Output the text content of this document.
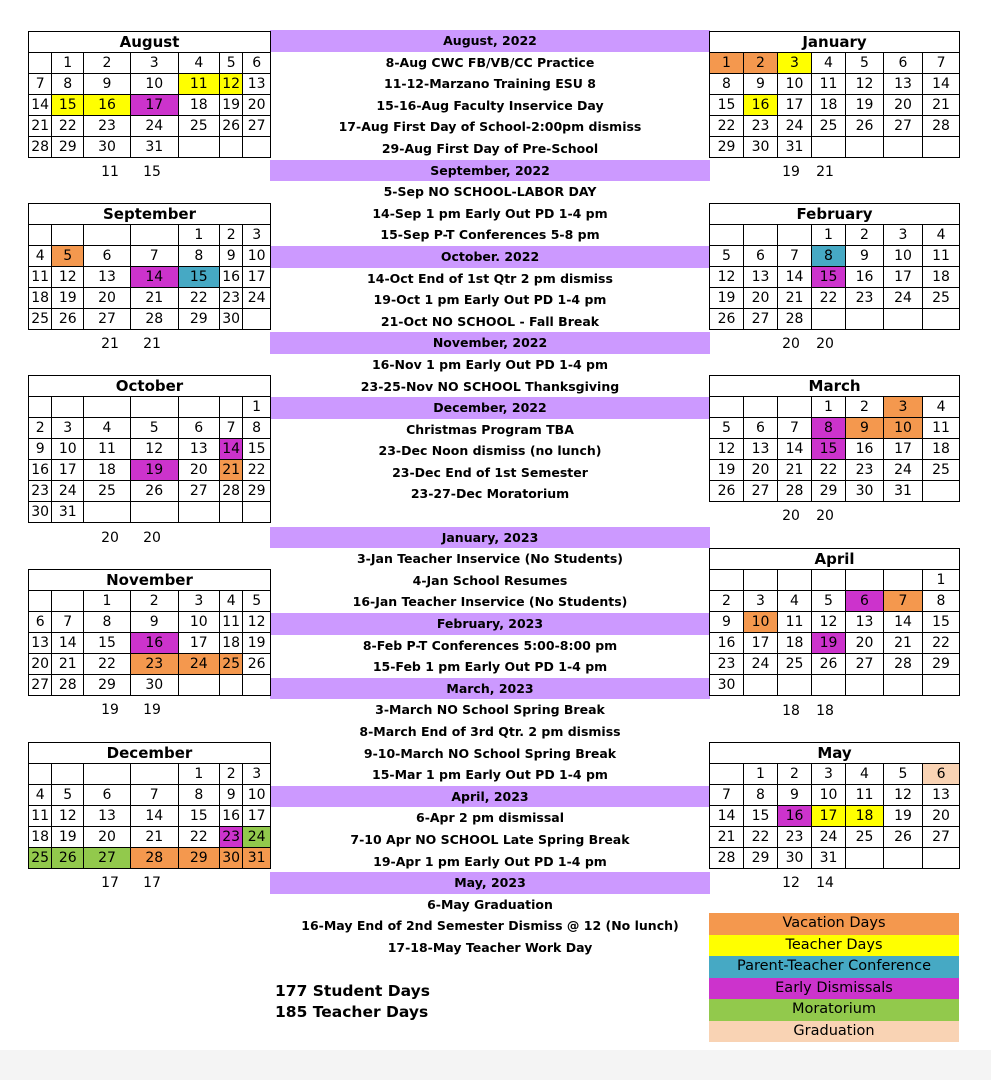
August, 2022
8-Aug CWC FB/VB/CC Practice
11-12-Marzano Training ESU 8
15-16-Aug Faculty Inservice Day
17-Aug First Day of School-2:00pm dismiss
29-Aug First Day of Pre-School
September, 2022
5-Sep NO SCHOOL-LABOR DAY
14-Sep 1 pm Early Out PD 1-4 pm
15-Sep P-T Conferences 5-8 pm
October. 2022
14-Oct End of 1st Qtr 2 pm dismiss
19-Oct 1 pm Early Out PD 1-4 pm
21-Oct NO SCHOOL - Fall Break
November, 2022
16-Nov 1 pm Early Out PD 1-4 pm
23-25-Nov NO SCHOOL Thanksgiving
December, 2022
Christmas Program TBA
23-Dec Noon dismiss (no lunch)
23-Dec End of 1st Semester
23-27-Dec Moratorium
January, 2023
3-Jan Teacher Inservice (No Students)
4-Jan School Resumes
16-Jan Teacher Inservice (No Students)
February, 2023
8-Feb P-T Conferences 5:00-8:00 pm
15-Feb 1 pm Early Out PD 1-4 pm
March, 2023
3-March NO School Spring Break
8-March End of 3rd Qtr. 2 pm dismiss
9-10-March NO School Spring Break
15-Mar 1 pm Early Out PD 1-4 pm
April, 2023
6-Apr 2 pm dismissal
7-10 Apr NO SCHOOL Late Spring Break
19-Apr 1 pm Early Out PD 1-4 pm
May, 2023
6-May Graduation
16-May End of 2nd Semester Dismiss @ 12 (No lunch)
17-18-May Teacher Work Day
177 Student Days
185 Teacher Days
Vacation Days
Teacher Days
Parent-Teacher Conference
Early Dismissals
Moratorium
Graduation
August						
	1	2	3	4	5	6
7	8	9	10	11	12	13
14	15	16	17	18	19	20
21	22	23	24	25	26	27
28	29	30	31			
11	15
September						
				1	2	3
4	5	6	7	8	9	10
11	12	13	14	15	16	17
18	19	20	21	22	23	24
25	26	27	28	29	30	
21	21
October						
						1
2	3	4	5	6	7	8
9	10	11	12	13	14	15
16	17	18	19	20	21	22
23	24	25	26	27	28	29
30	31					
20	20
November						
		1	2	3	4	5
6	7	8	9	10	11	12
13	14	15	16	17	18	19
20	21	22	23	24	25	26
27	28	29	30			
19	19
December						
				1	2	3
4	5	6	7	8	9	10
11	12	13	14	15	16	17
18	19	20	21	22	23	24
25	26	27	28	29	30	31
17	17
January						
1	2	3	4	5	6	7
8	9	10	11	12	13	14
15	16	17	18	19	20	21
22	23	24	25	26	27	28
29	30	31				
19	21
February						
			1	2	3	4
5	6	7	8	9	10	11
12	13	14	15	16	17	18
19	20	21	22	23	24	25
26	27	28				
20	20
March						
			1	2	3	4
5	6	7	8	9	10	11
12	13	14	15	16	17	18
19	20	21	22	23	24	25
26	27	28	29	30	31	
20	20
April						
						1
2	3	4	5	6	7	8
9	10	11	12	13	14	15
16	17	18	19	20	21	22
23	24	25	26	27	28	29
30						
18	18
May						
	1	2	3	4	5	6
7	8	9	10	11	12	13
14	15	16	17	18	19	20
21	22	23	24	25	26	27
28	29	30	31			
12	14
